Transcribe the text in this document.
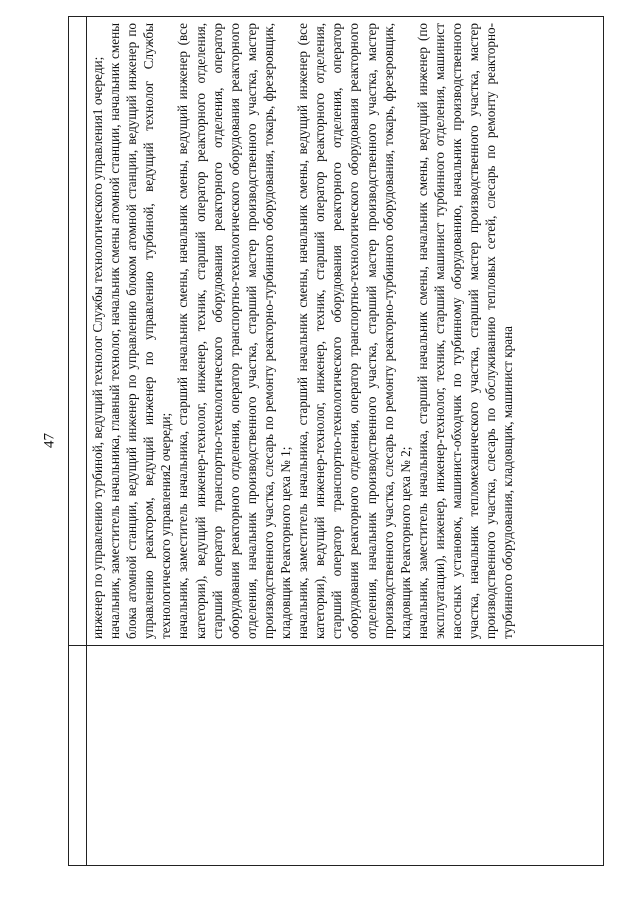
47 инженер по управлению турбиной, ведущий технолог Службы технологического управления1 очереди; начальник, заместитель начальника, главный технолог, начальник смены атомной станции, начальник смены блока атомной станции, ведущий инженер по управлению блоком атомной станции, ведущий инженер по управлению реактором, ведущий инженер по управлению турбиной, ведущий технолог Службы технологического управления2 очереди; начальник, заместитель начальника, старший начальник смены, начальник смены, ведущий инженер (все категории), ведущий инженер-технолог, инженер, техник, старший оператор реакторного отделения, старший оператор транспортно-технологического оборудования реакторного отделения, оператор оборудования реакторного отделения, оператор транспортно-технологического оборудования реакторного отделения, начальник производственного участка, старший мастер производственного участка, мастер производственного участка, слесарь по ремонту реакторно-турбинного оборудования, токарь, фрезеровщик, кладовщик Реакторного цеха № 1; начальник, заместитель начальника, старший начальник смены, начальник смены, ведущий инженер (все категории), ведущий инженер-технолог, инженер, техник, старший оператор реакторного отделения, старший оператор транспортно-технологического оборудования реакторного отделения, оператор оборудования реакторного отделения, оператор транспортно-технологического оборудования реакторного отделения, начальник производственного участка, старший мастер производственного участка, мастер производственного участка, слесарь по ремонту реакторно-турбинного оборудования, токарь, фрезеровщик, кладовщик Реакторного цеха № 2; начальник, заместитель начальника, старший начальник смены, начальник смены, ведущий инженер (по эксплуатации), инженер, инженер-технолог, техник, старший машинист турбинного отделения, машинист насосных установок, машинист-обходчик по турбинному оборудованию, начальник производственного участка, начальник тепломеханического участка, старший мастер производственного участка, мастер производственного участка, слесарь по обслуживанию тепловых сетей, слесарь по ремонту реакторно-турбинного оборудования, кладовщик, машинист крана
